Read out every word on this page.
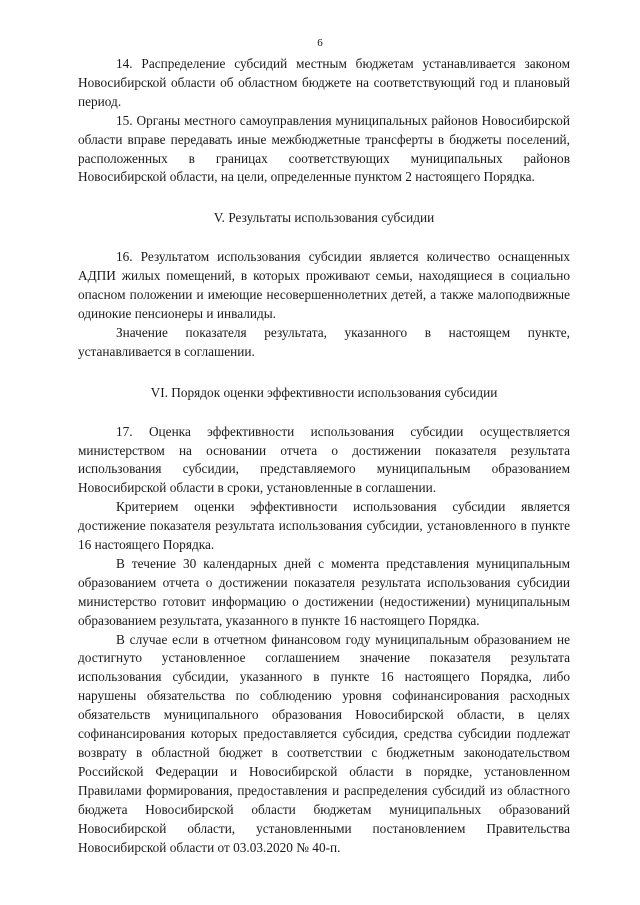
6

14. Распределение субсидий местным бюджетам устанавливается законом Новосибирской области об областном бюджете на соответствующий год и плановый период.

15. Органы местного самоуправления муниципальных районов Новосибирской области вправе передавать иные межбюджетные трансферты в бюджеты поселений, расположенных в границах соответствующих муниципальных районов Новосибирской области, на цели, определенные пунктом 2 настоящего Порядка.

V. Результаты использования субсидии

16. Результатом использования субсидии является количество оснащенных АДПИ жилых помещений, в которых проживают семьи, находящиеся в социально опасном положении и имеющие несовершеннолетних детей, а также малоподвижные одинокие пенсионеры и инвалиды.

Значение показателя результата, указанного в настоящем пункте, устанавливается в соглашении.

VI. Порядок оценки эффективности использования субсидии

17. Оценка эффективности использования субсидии осуществляется министерством на основании отчета о достижении показателя результата использования субсидии, представляемого муниципальным образованием Новосибирской области в сроки, установленные в соглашении.

Критерием оценки эффективности использования субсидии является достижение показателя результата использования субсидии, установленного в пункте 16 настоящего Порядка.

В течение 30 календарных дней с момента представления муниципальным образованием отчета о достижении показателя результата использования субсидии министерство готовит информацию о достижении (недостижении) муниципальным образованием результата, указанного в пункте 16 настоящего Порядка.

В случае если в отчетном финансовом году муниципальным образованием не достигнуто установленное соглашением значение показателя результата использования субсидии, указанного в пункте 16 настоящего Порядка, либо нарушены обязательства по соблюдению уровня софинансирования расходных обязательств муниципального образования Новосибирской области, в целях софинансирования которых предоставляется субсидия, средства субсидии подлежат возврату в областной бюджет в соответствии с бюджетным законодательством Российской Федерации и Новосибирской области в порядке, установленном Правилами формирования, предоставления и распределения субсидий из областного бюджета Новосибирской области бюджетам муниципальных образований Новосибирской области, установленными постановлением Правительства Новосибирской области от 03.03.2020 № 40-п.
